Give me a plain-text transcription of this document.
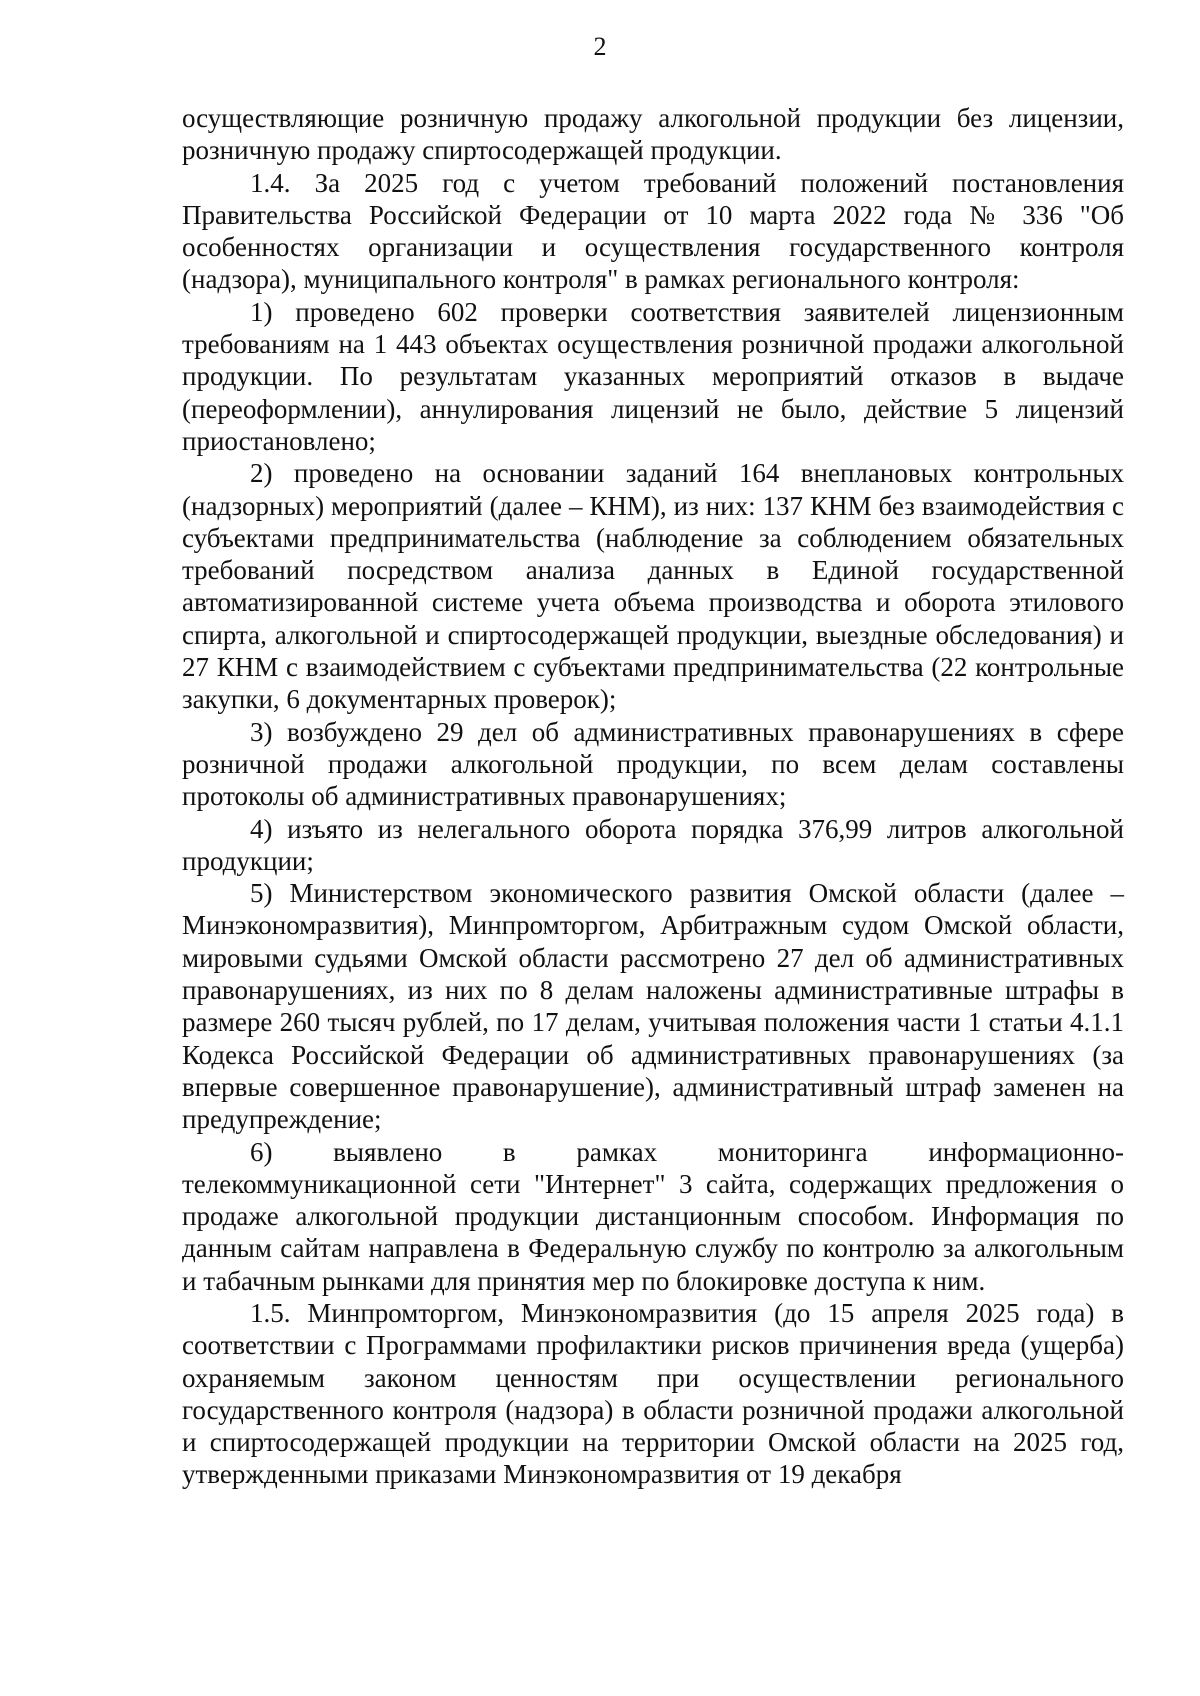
2

осуществляющие розничную продажу алкогольной продукции без лицензии, розничную продажу спиртосодержащей продукции.

1.4. За 2025 год с учетом требований положений постановления Правительства Российской Федерации от 10 марта 2022 года № 336 "Об особенностях организации и осуществления государственного контроля (надзора), муниципального контроля" в рамках регионального контроля:

1) проведено 602 проверки соответствия заявителей лицензионным требованиям на 1 443 объектах осуществления розничной продажи алкогольной продукции. По результатам указанных мероприятий отказов в выдаче (переоформлении), аннулирования лицензий не было, действие 5 лицензий приостановлено;

2) проведено на основании заданий 164 внеплановых контрольных (надзорных) мероприятий (далее – КНМ), из них: 137 КНМ без взаимодействия с субъектами предпринимательства (наблюдение за соблюдением обязательных требований посредством анализа данных в Единой государственной автоматизированной системе учета объема производства и оборота этилового спирта, алкогольной и спиртосодержащей продукции, выездные обследования) и 27 КНМ с взаимодействием с субъектами предпринимательства (22 контрольные закупки, 6 документарных проверок);

3) возбуждено 29 дел об административных правонарушениях в сфере розничной продажи алкогольной продукции, по всем делам составлены протоколы об административных правонарушениях;

4) изъято из нелегального оборота порядка 376,99 литров алкогольной продукции;

5) Министерством экономического развития Омской области (далее – Минэкономразвития), Минпромторгом, Арбитражным судом Омской области, мировыми судьями Омской области рассмотрено 27 дел об административных правонарушениях, из них по 8 делам наложены административные штрафы в размере 260 тысяч рублей, по 17 делам, учитывая положения части 1 статьи 4.1.1 Кодекса Российской Федерации об административных правонарушениях (за впервые совершенное правонарушение), административный штраф заменен на предупреждение;

6) выявлено в рамках мониторинга информационно-телекоммуникационной сети "Интернет" 3 сайта, содержащих предложения о продаже алкогольной продукции дистанционным способом. Информация по данным сайтам направлена в Федеральную службу по контролю за алкогольным и табачным рынками для принятия мер по блокировке доступа к ним.

1.5. Минпромторгом, Минэкономразвития (до 15 апреля 2025 года) в соответствии с Программами профилактики рисков причинения вреда (ущерба) охраняемым законом ценностям при осуществлении регионального государственного контроля (надзора) в области розничной продажи алкогольной и спиртосодержащей продукции на территории Омской области на 2025 год, утвержденными приказами Минэкономразвития от 19 декабря
